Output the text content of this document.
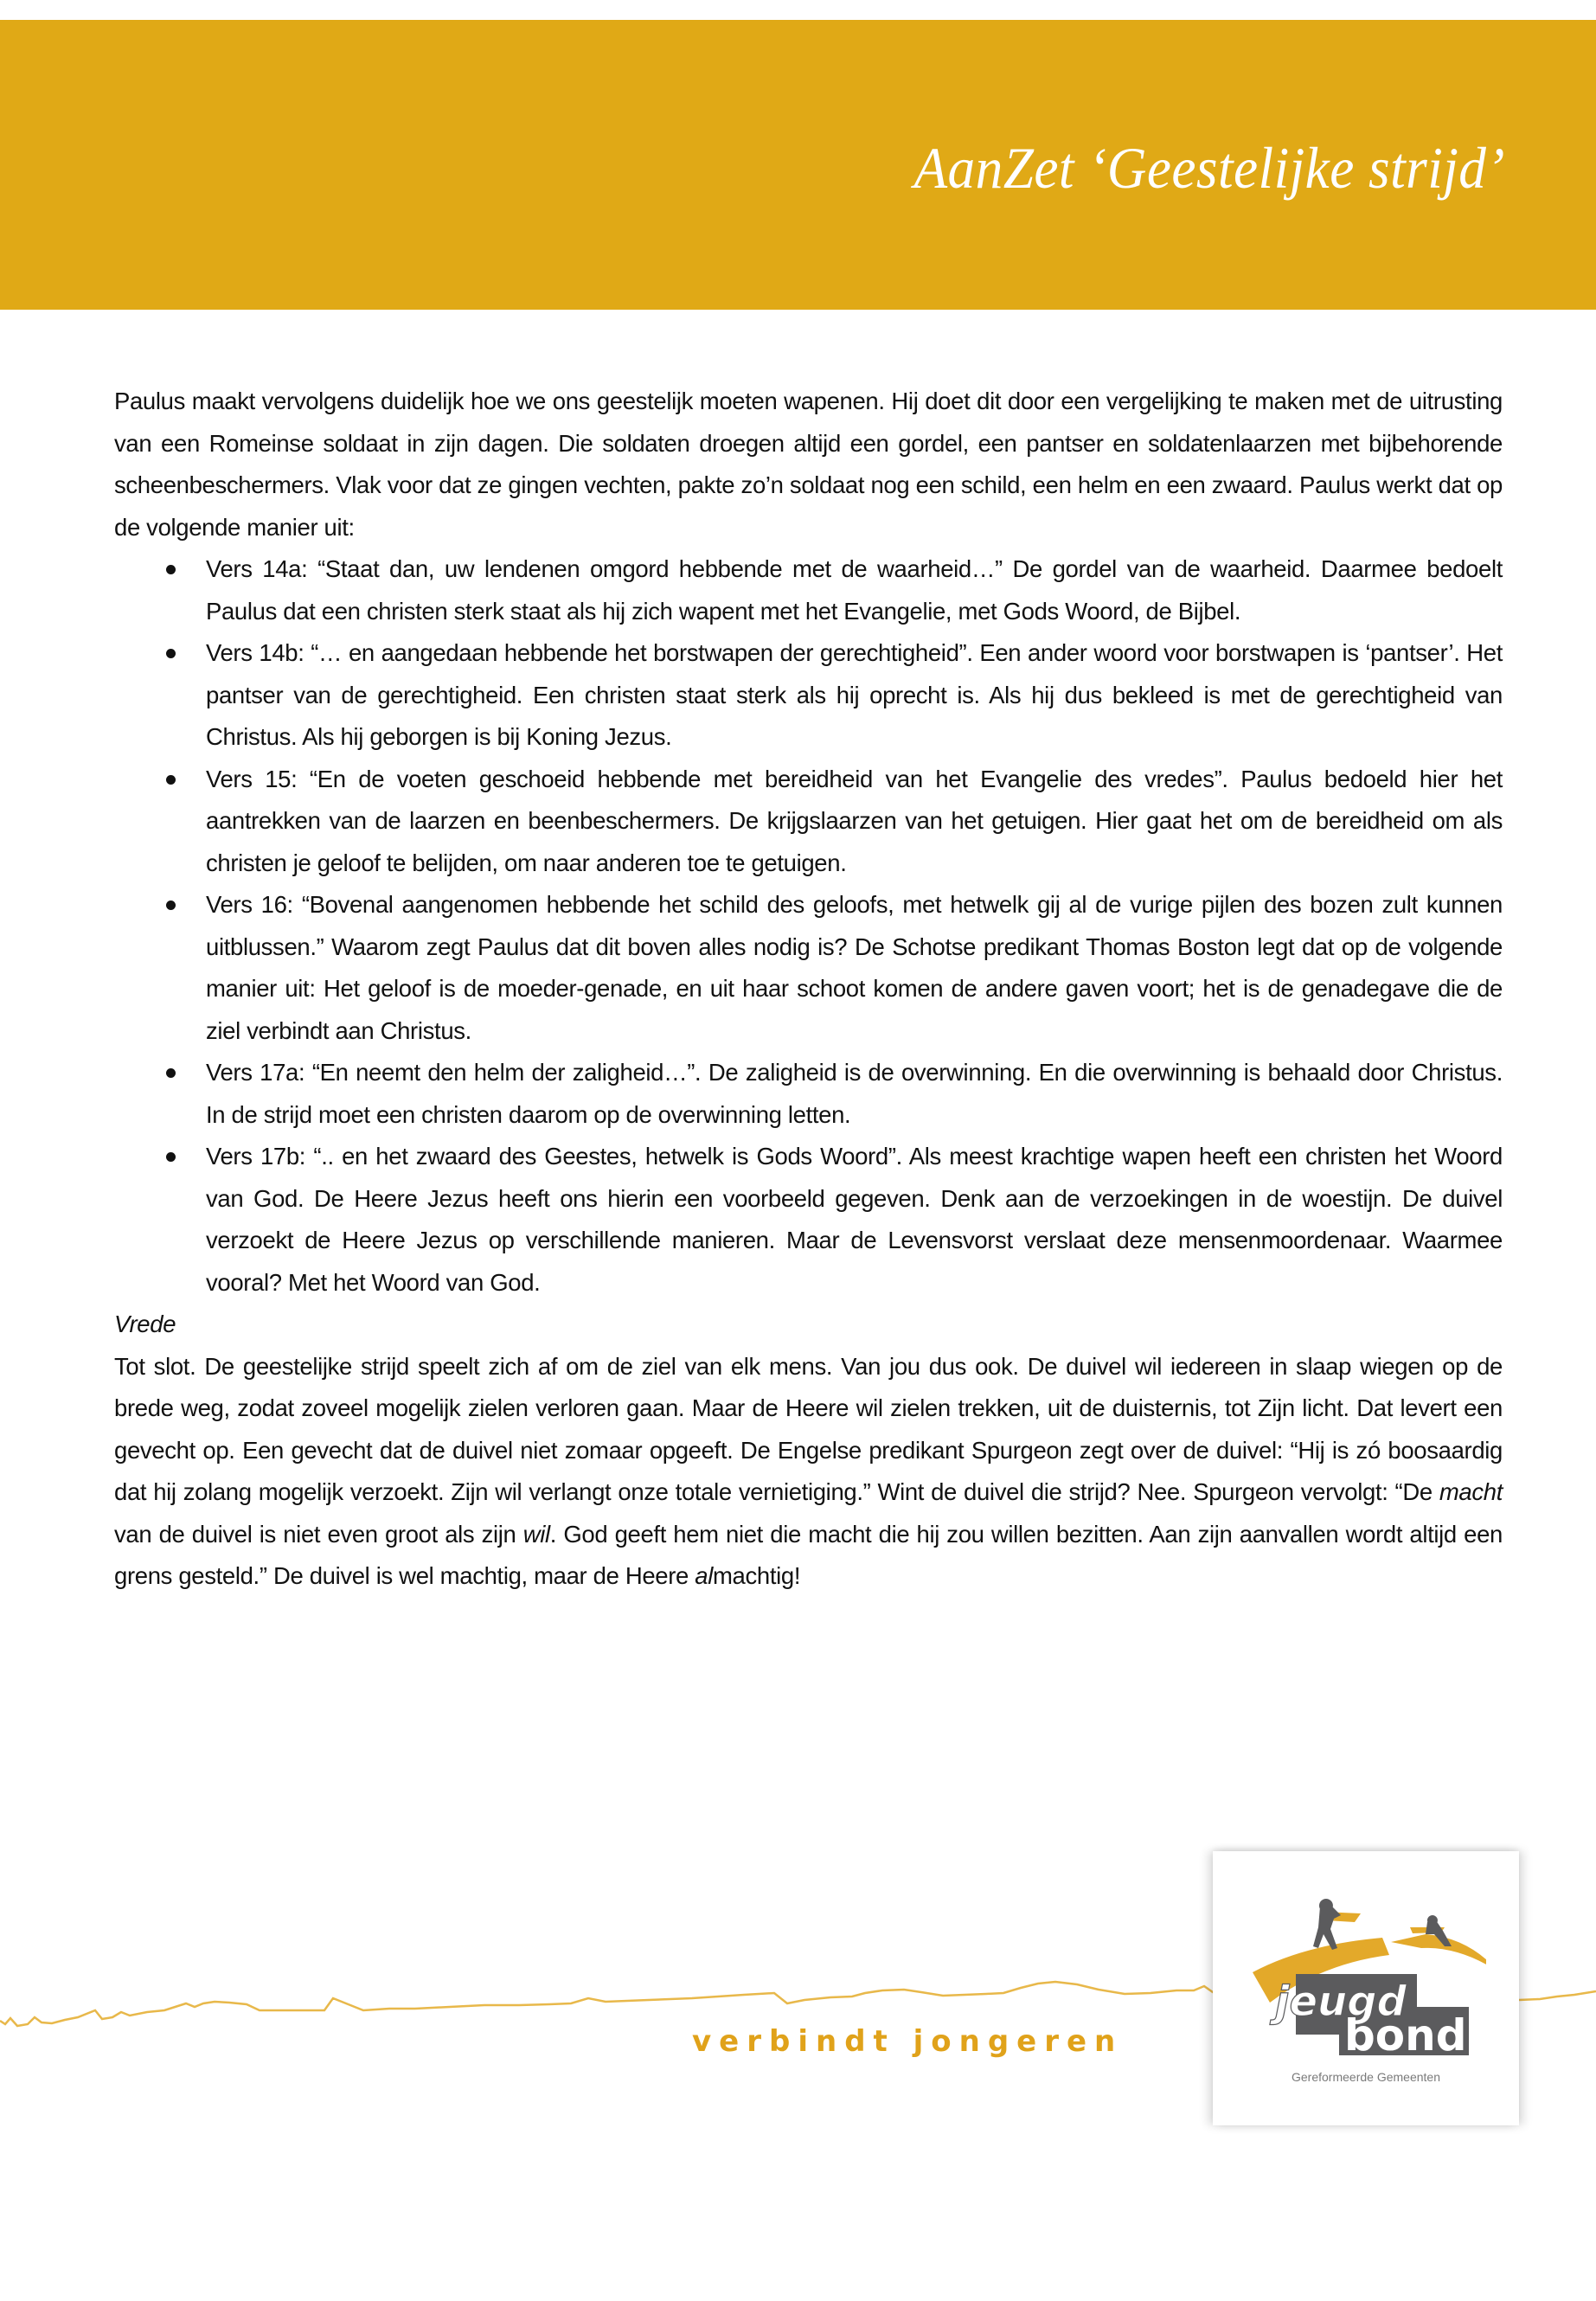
AanZet ‘Geestelijke strijd’

Paulus maakt vervolgens duidelijk hoe we ons geestelijk moeten wapenen. Hij doet dit door een vergelijking te maken met de uitrusting van een Romeinse soldaat in zijn dagen. Die soldaten droegen altijd een gordel, een pantser en soldatenlaarzen met bijbehorende scheenbeschermers. Vlak voor dat ze gingen vechten, pakte zo’n soldaat nog een schild, een helm en een zwaard. Paulus werkt dat op de volgende manier uit:

Vers 14a: “Staat dan, uw lendenen omgord hebbende met de waarheid…” De gordel van de waarheid. Daarmee bedoelt Paulus dat een christen sterk staat als hij zich wapent met het Evangelie, met Gods Woord, de Bijbel.
Vers 14b: “… en aangedaan hebbende het borstwapen der gerechtigheid”. Een ander woord voor borstwapen is ‘pantser’. Het pantser van de gerechtigheid. Een christen staat sterk als hij oprecht is. Als hij dus bekleed is met de gerechtigheid van Christus. Als hij geborgen is bij Koning Jezus.
Vers 15: “En de voeten geschoeid hebbende met bereidheid van het Evangelie des vredes”. Paulus bedoeld hier het aantrekken van de laarzen en beenbeschermers. De krijgslaarzen van het getuigen. Hier gaat het om de bereidheid om als christen je geloof te belijden, om naar anderen toe te getuigen.
Vers 16: “Bovenal aangenomen hebbende het schild des geloofs, met hetwelk gij al de vurige pijlen des bozen zult kunnen uitblussen.” Waarom zegt Paulus dat dit boven alles nodig is? De Schotse predikant Thomas Boston legt dat op de volgende manier uit: Het geloof is de moeder-genade, en uit haar schoot komen de andere gaven voort; het is de genadegave die de ziel verbindt aan Christus.
Vers 17a: “En neemt den helm der zaligheid…”. De zaligheid is de overwinning. En die overwinning is behaald door Christus. In de strijd moet een christen daarom op de overwinning letten.
Vers 17b: “.. en het zwaard des Geestes, hetwelk is Gods Woord”. Als meest krachtige wapen heeft een christen het Woord van God. De Heere Jezus heeft ons hierin een voorbeeld gegeven. Denk aan de verzoekingen in de woestijn. De duivel verzoekt de Heere Jezus op verschillende manieren. Maar de Levensvorst verslaat deze mensenmoordenaar. Waarmee vooral? Met het Woord van God.

Vrede

Tot slot. De geestelijke strijd speelt zich af om de ziel van elk mens. Van jou dus ook. De duivel wil iedereen in slaap wiegen op de brede weg, zodat zoveel mogelijk zielen verloren gaan. Maar de Heere wil zielen trekken, uit de duisternis, tot Zijn licht. Dat levert een gevecht op. Een gevecht dat de duivel niet zomaar opgeeft. De Engelse predikant Spurgeon zegt over de duivel: “Hij is zó boosaardig dat hij zolang mogelijk verzoekt. Zijn wil verlangt onze totale vernietiging.” Wint de duivel die strijd? Nee. Spurgeon vervolgt: “De macht van de duivel is niet even groot als zijn wil. God geeft hem niet die macht die hij zou willen bezitten. Aan zijn aanvallen wordt altijd een grens gesteld.” De duivel is wel machtig, maar de Heere almachtig!

verbindt jongeren
jeugd
bond
Gereformeerde Gemeenten
